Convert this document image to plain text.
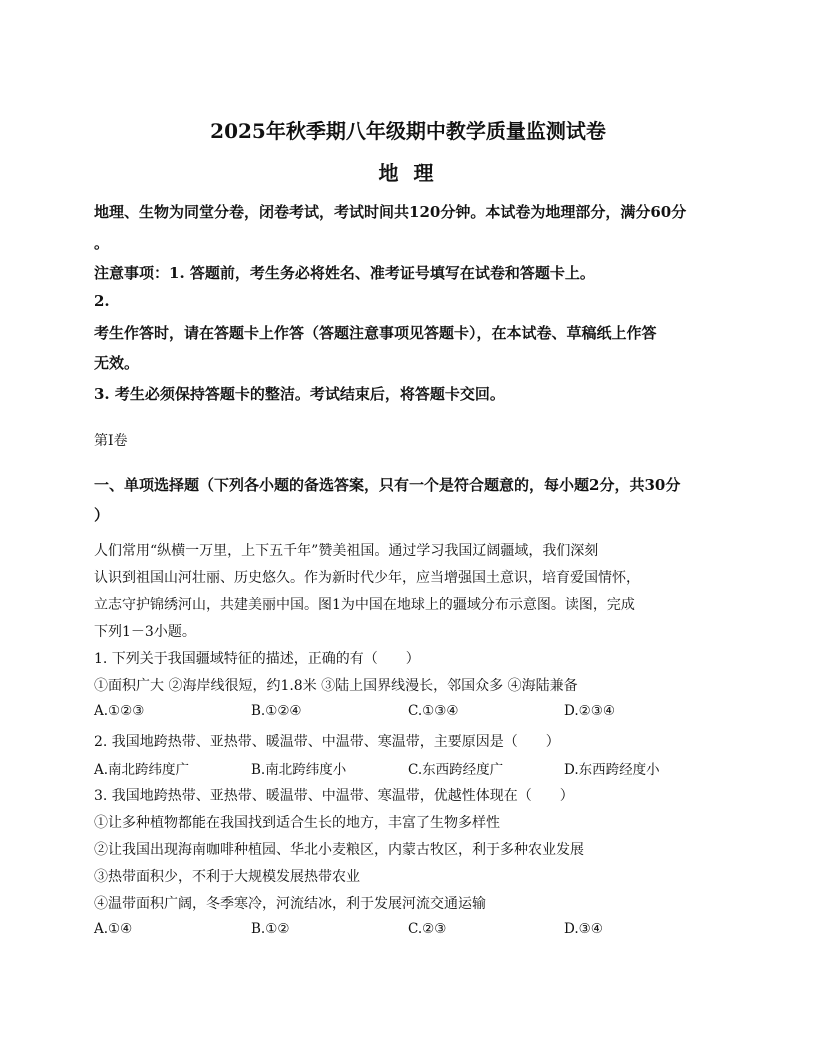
2025年秋季期八年级期中教学质量监测试卷
地 理
地理、生物为同堂分卷，闭卷考试，考试时间共120分钟。本试卷为地理部分，满分60分
。
注意事项：1. 答题前，考生务必将姓名、准考证号填写在试卷和答题卡上。
2.
考生作答时，请在答题卡上作答（答题注意事项见答题卡），在本试卷、草稿纸上作答
无效。
3. 考生必须保持答题卡的整洁。考试结束后，将答题卡交回。
第Ⅰ卷
一、单项选择题（下列各小题的备选答案，只有一个是符合题意的，每小题2分，共30分
）
人们常用“纵横一万里，上下五千年”赞美祖国。通过学习我国辽阔疆域，我们深刻
认识到祖国山河壮丽、历史悠久。作为新时代少年，应当增强国土意识，培育爱国情怀，
立志守护锦绣河山，共建美丽中国。图1为中国在地球上的疆域分布示意图。读图，完成
下列1－3小题。
1. 下列关于我国疆域特征的描述，正确的有（　　）
①面积广大 ②海岸线很短，约1.8米 ③陆上国界线漫长，邻国众多 ④海陆兼备
A.①②③	B.①②④	C.①③④	D.②③④
2. 我国地跨热带、亚热带、暖温带、中温带、寒温带，主要原因是（　　）
A.南北跨纬度广	B.南北跨纬度小	C.东西跨经度广	D.东西跨经度小
3. 我国地跨热带、亚热带、暖温带、中温带、寒温带，优越性体现在（　　）
①让多种植物都能在我国找到适合生长的地方，丰富了生物多样性
②让我国出现海南咖啡种植园、华北小麦粮区，内蒙古牧区，利于多种农业发展
③热带面积少，不利于大规模发展热带农业
④温带面积广阔，冬季寒冷，河流结冰，利于发展河流交通运输
A.①④	B.①②	C.②③	D.③④
